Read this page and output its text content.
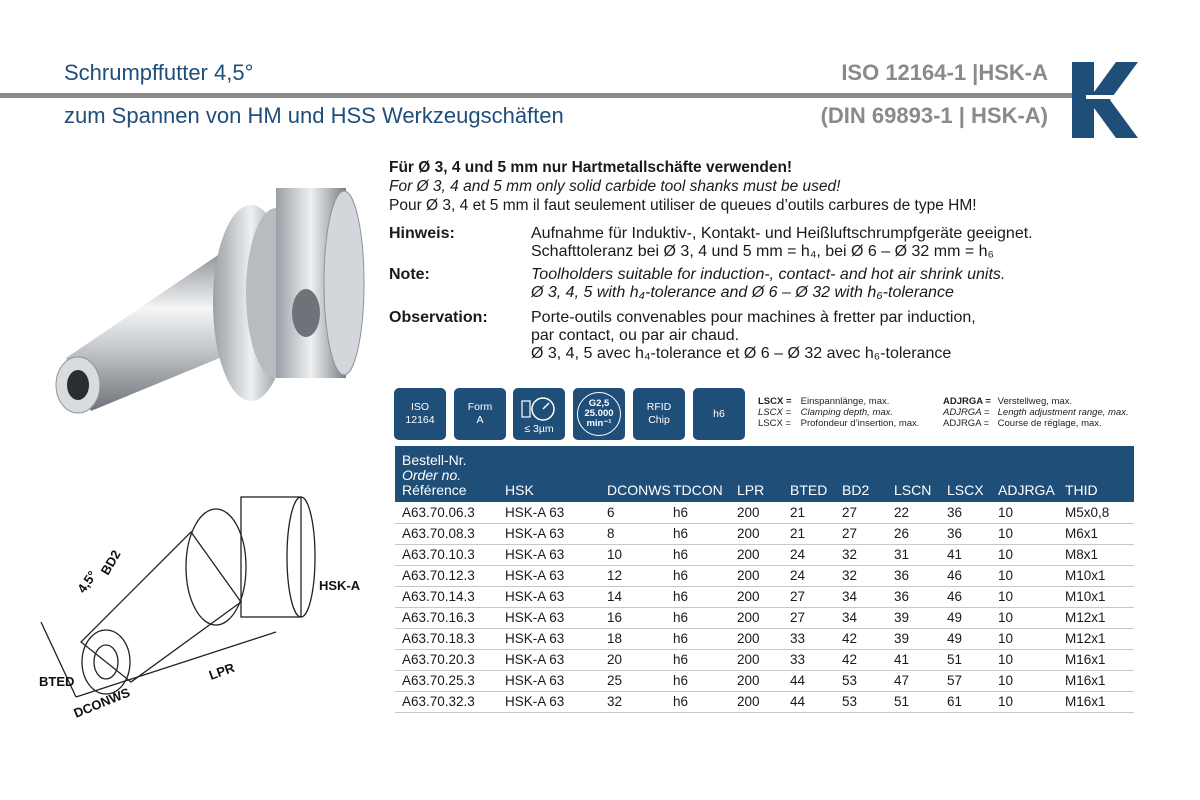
Schrumpffutter 4,5°
zum Spannen von HM und HSS Werkzeugschäften
ISO 12164-1 |HSK-A
(DIN 69893-1 | HSK-A)
4,5°
BD2
HSK-A
BTED	LPR
DCONWS
Für Ø 3, 4 und 5 mm nur Hartmetallschäfte verwenden!
For Ø 3, 4 and 5 mm only solid carbide tool shanks must be used!
Pour Ø 3, 4 et 5 mm il faut seulement utiliser de queues d’outils carbures de type HM!
Hinweis:	Aufnahme für Induktiv-, Kontakt- und Heißluftschrumpfgeräte geeignet.
Schafttoleranz bei Ø 3, 4 und 5 mm = h₄, bei Ø 6 – Ø 32 mm = h₆
Note:	Toolholders suitable for induction-, contact- and hot air shrink units.
Ø 3, 4, 5 with h₄-tolerance and Ø 6 – Ø 32 with h₆-tolerance
Observation:	Porte-outils convenables pour machines à fretter par induction,
par contact, ou par air chaud.
Ø 3, 4, 5 avec h₄-tolerance et Ø 6 – Ø 32 avec h₆-tolerance
ISO
12164
Form
A
≤ 3µm
G2,5
25.000
min⁻¹
RFID
Chip
h6
LSCX = Einspannlänge, max.
LSCX = Clamping depth, max.
LSCX = Profondeur d’insertion, max.
ADJRGA = Verstellweg, max.
ADJRGA = Length adjustment range, max.
ADJRGA = Course de réglage, max.
Bestell-Nr.
Order no.
Référence	HSK	DCONWS	TDCON	LPR	BTED	BD2	LSCN	LSCX	ADJRGA	THID
A63.70.06.3	HSK-A 63	6	h6	200	21	27	22	36	10	M5x0,8
A63.70.08.3	HSK-A 63	8	h6	200	21	27	26	36	10	M6x1
A63.70.10.3	HSK-A 63	10	h6	200	24	32	31	41	10	M8x1
A63.70.12.3	HSK-A 63	12	h6	200	24	32	36	46	10	M10x1
A63.70.14.3	HSK-A 63	14	h6	200	27	34	36	46	10	M10x1
A63.70.16.3	HSK-A 63	16	h6	200	27	34	39	49	10	M12x1
A63.70.18.3	HSK-A 63	18	h6	200	33	42	39	49	10	M12x1
A63.70.20.3	HSK-A 63	20	h6	200	33	42	41	51	10	M16x1
A63.70.25.3	HSK-A 63	25	h6	200	44	53	47	57	10	M16x1
A63.70.32.3	HSK-A 63	32	h6	200	44	53	51	61	10	M16x1
